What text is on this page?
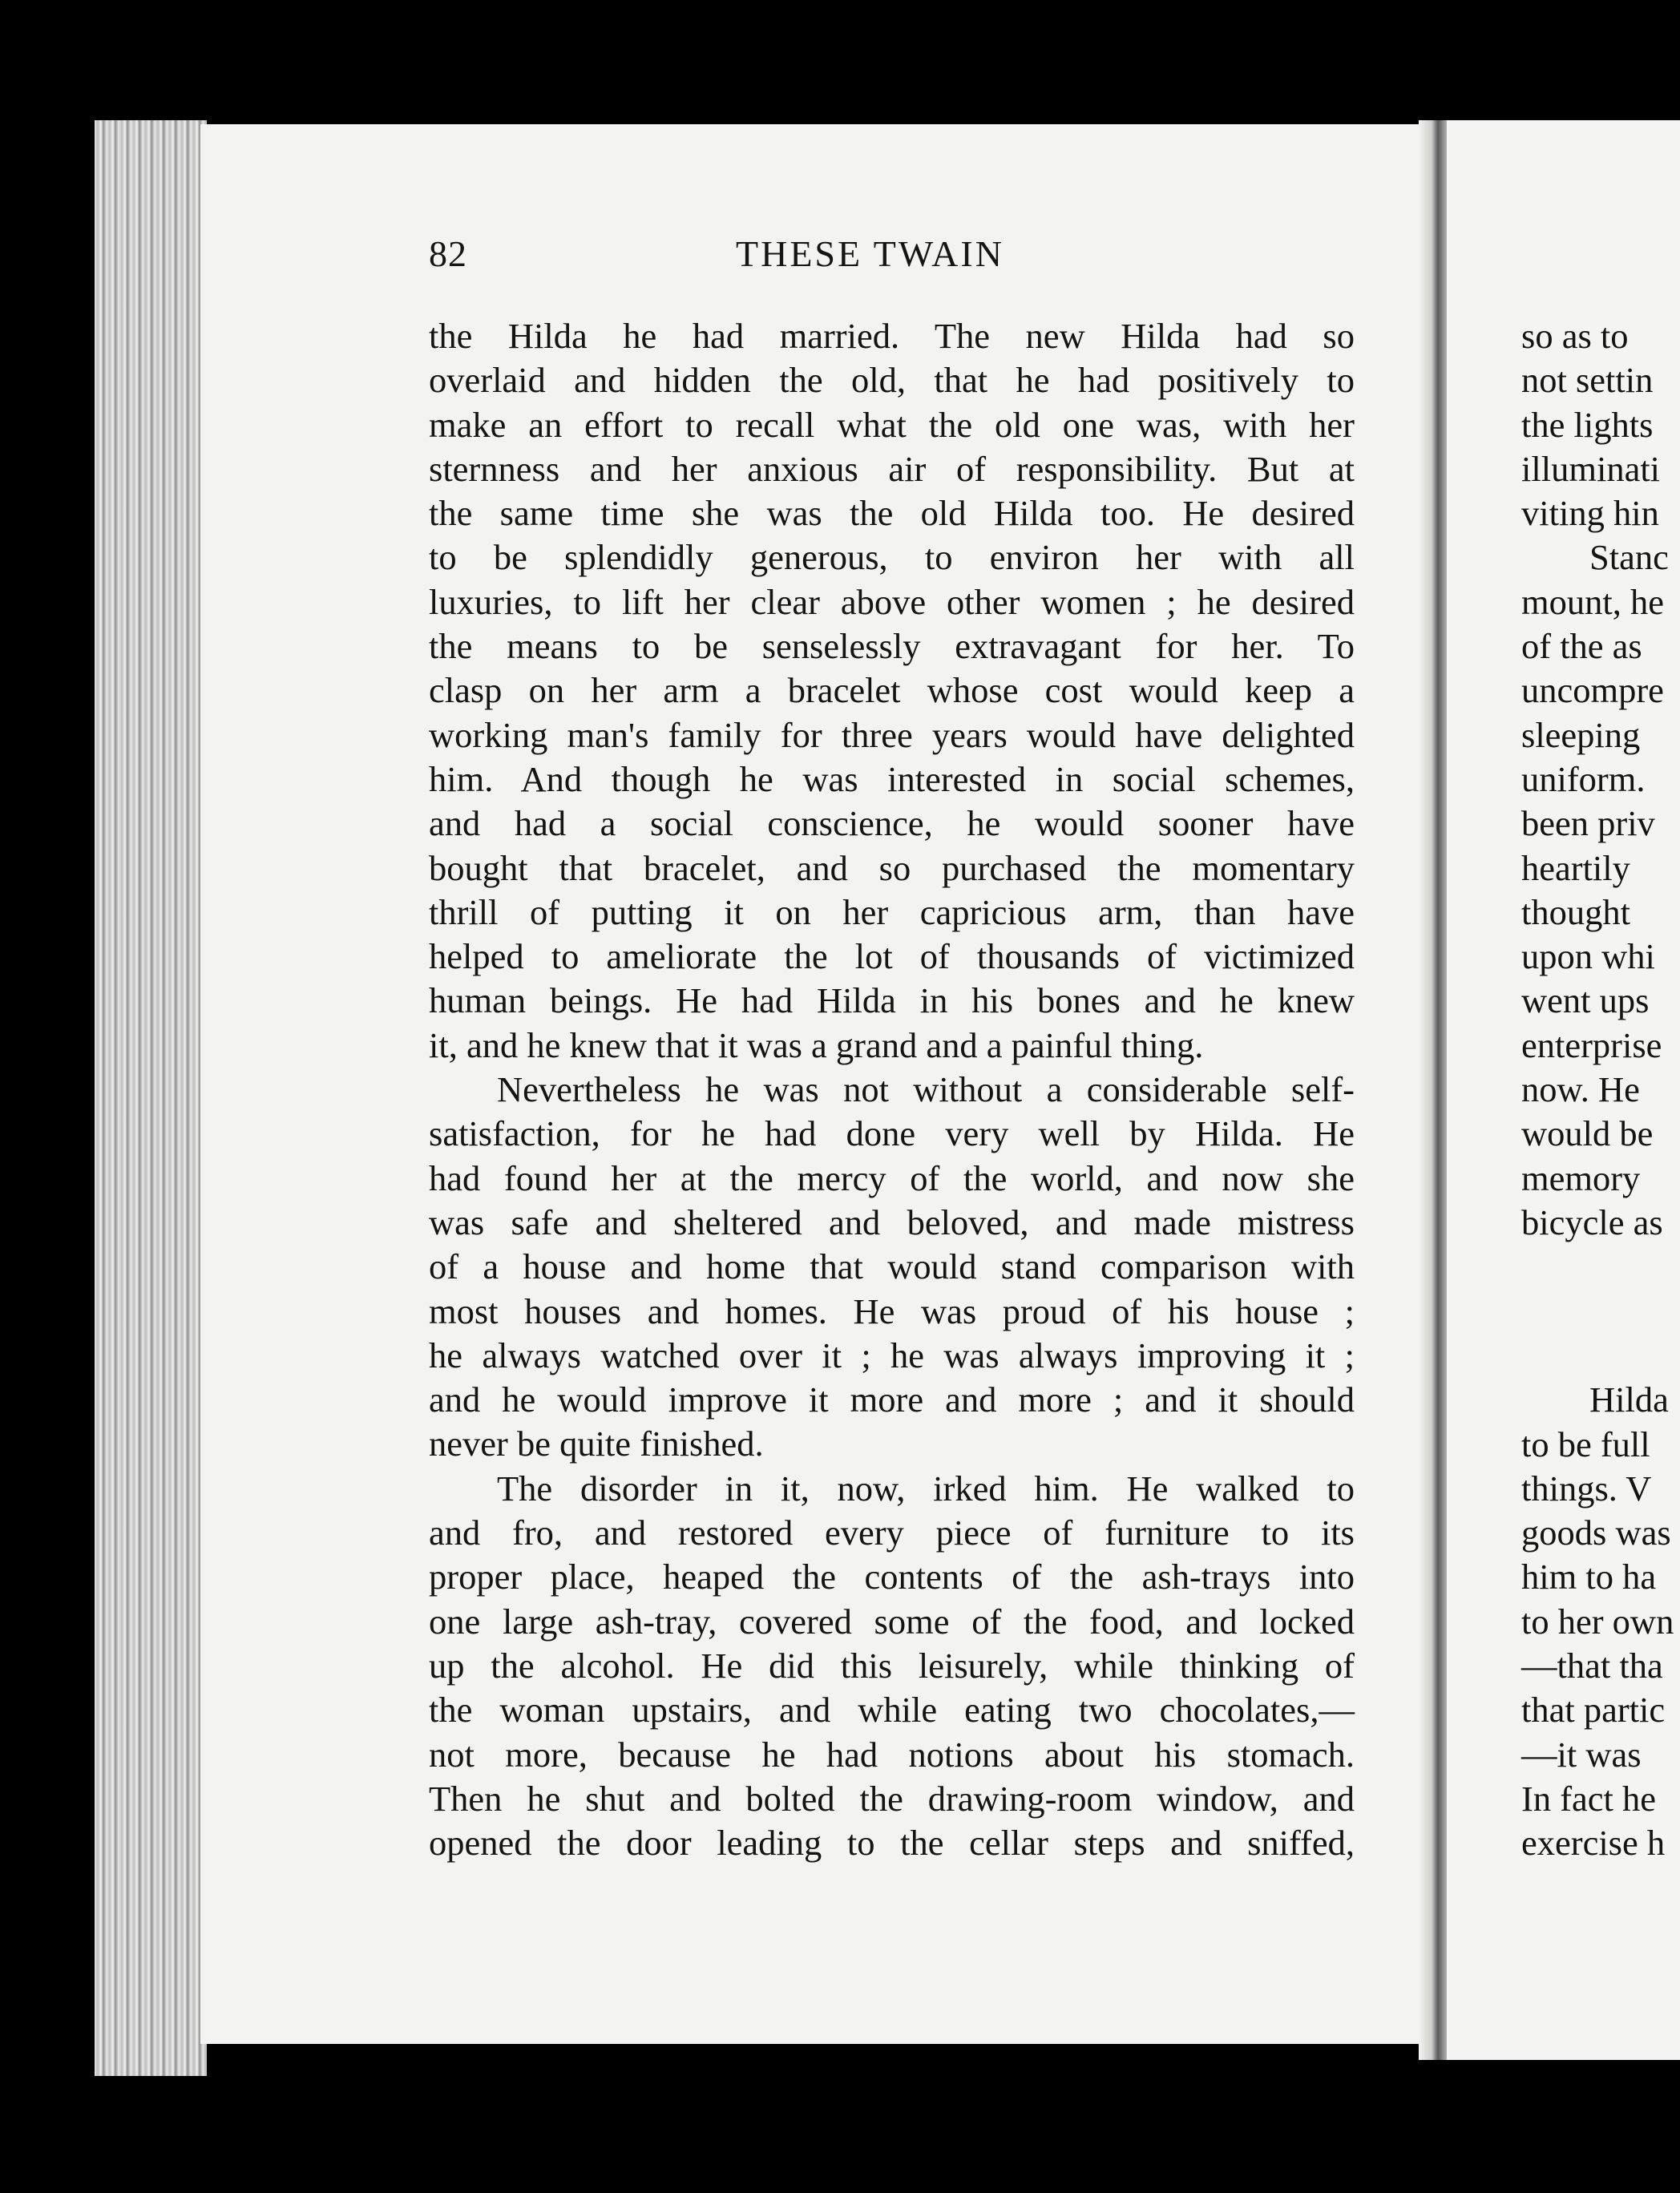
82	THESE TWAIN
the Hilda he had married. The new Hilda had so
overlaid and hidden the old, that he had positively to
make an effort to recall what the old one was, with her
sternness and her anxious air of responsibility. But at
the same time she was the old Hilda too. He desired
to be splendidly generous, to environ her with all
luxuries, to lift her clear above other women ; he desired
the means to be senselessly extravagant for her. To
clasp on her arm a bracelet whose cost would keep a
working man's family for three years would have delighted
him. And though he was interested in social schemes,
and had a social conscience, he would sooner have
bought that bracelet, and so purchased the momentary
thrill of putting it on her capricious arm, than have
helped to ameliorate the lot of thousands of victimized
human beings. He had Hilda in his bones and he knew
it, and he knew that it was a grand and a painful thing.
Nevertheless he was not without a considerable self-
satisfaction, for he had done very well by Hilda. He
had found her at the mercy of the world, and now she
was safe and sheltered and beloved, and made mistress
of a house and home that would stand comparison with
most houses and homes. He was proud of his house ;
he always watched over it ; he was always improving it ;
and he would improve it more and more ; and it should
never be quite finished.
The disorder in it, now, irked him. He walked to
and fro, and restored every piece of furniture to its
proper place, heaped the contents of the ash-trays into
one large ash-tray, covered some of the food, and locked
up the alcohol. He did this leisurely, while thinking of
the woman upstairs, and while eating two chocolates,—
not more, because he had notions about his stomach.
Then he shut and bolted the drawing-room window, and
opened the door leading to the cellar steps and sniffed,
so as to
not settin
the lights
illuminati
viting hin
Stanc
mount, he
of the as
uncompre
sleeping
uniform.
been priv
heartily
thought
upon whi
went ups
enterprise
now. He
would be
memory
bicycle as
Hilda
to be full
things. V
goods was
him to ha
to her own
—that tha
that partic
—it was
In fact he
exercise h
